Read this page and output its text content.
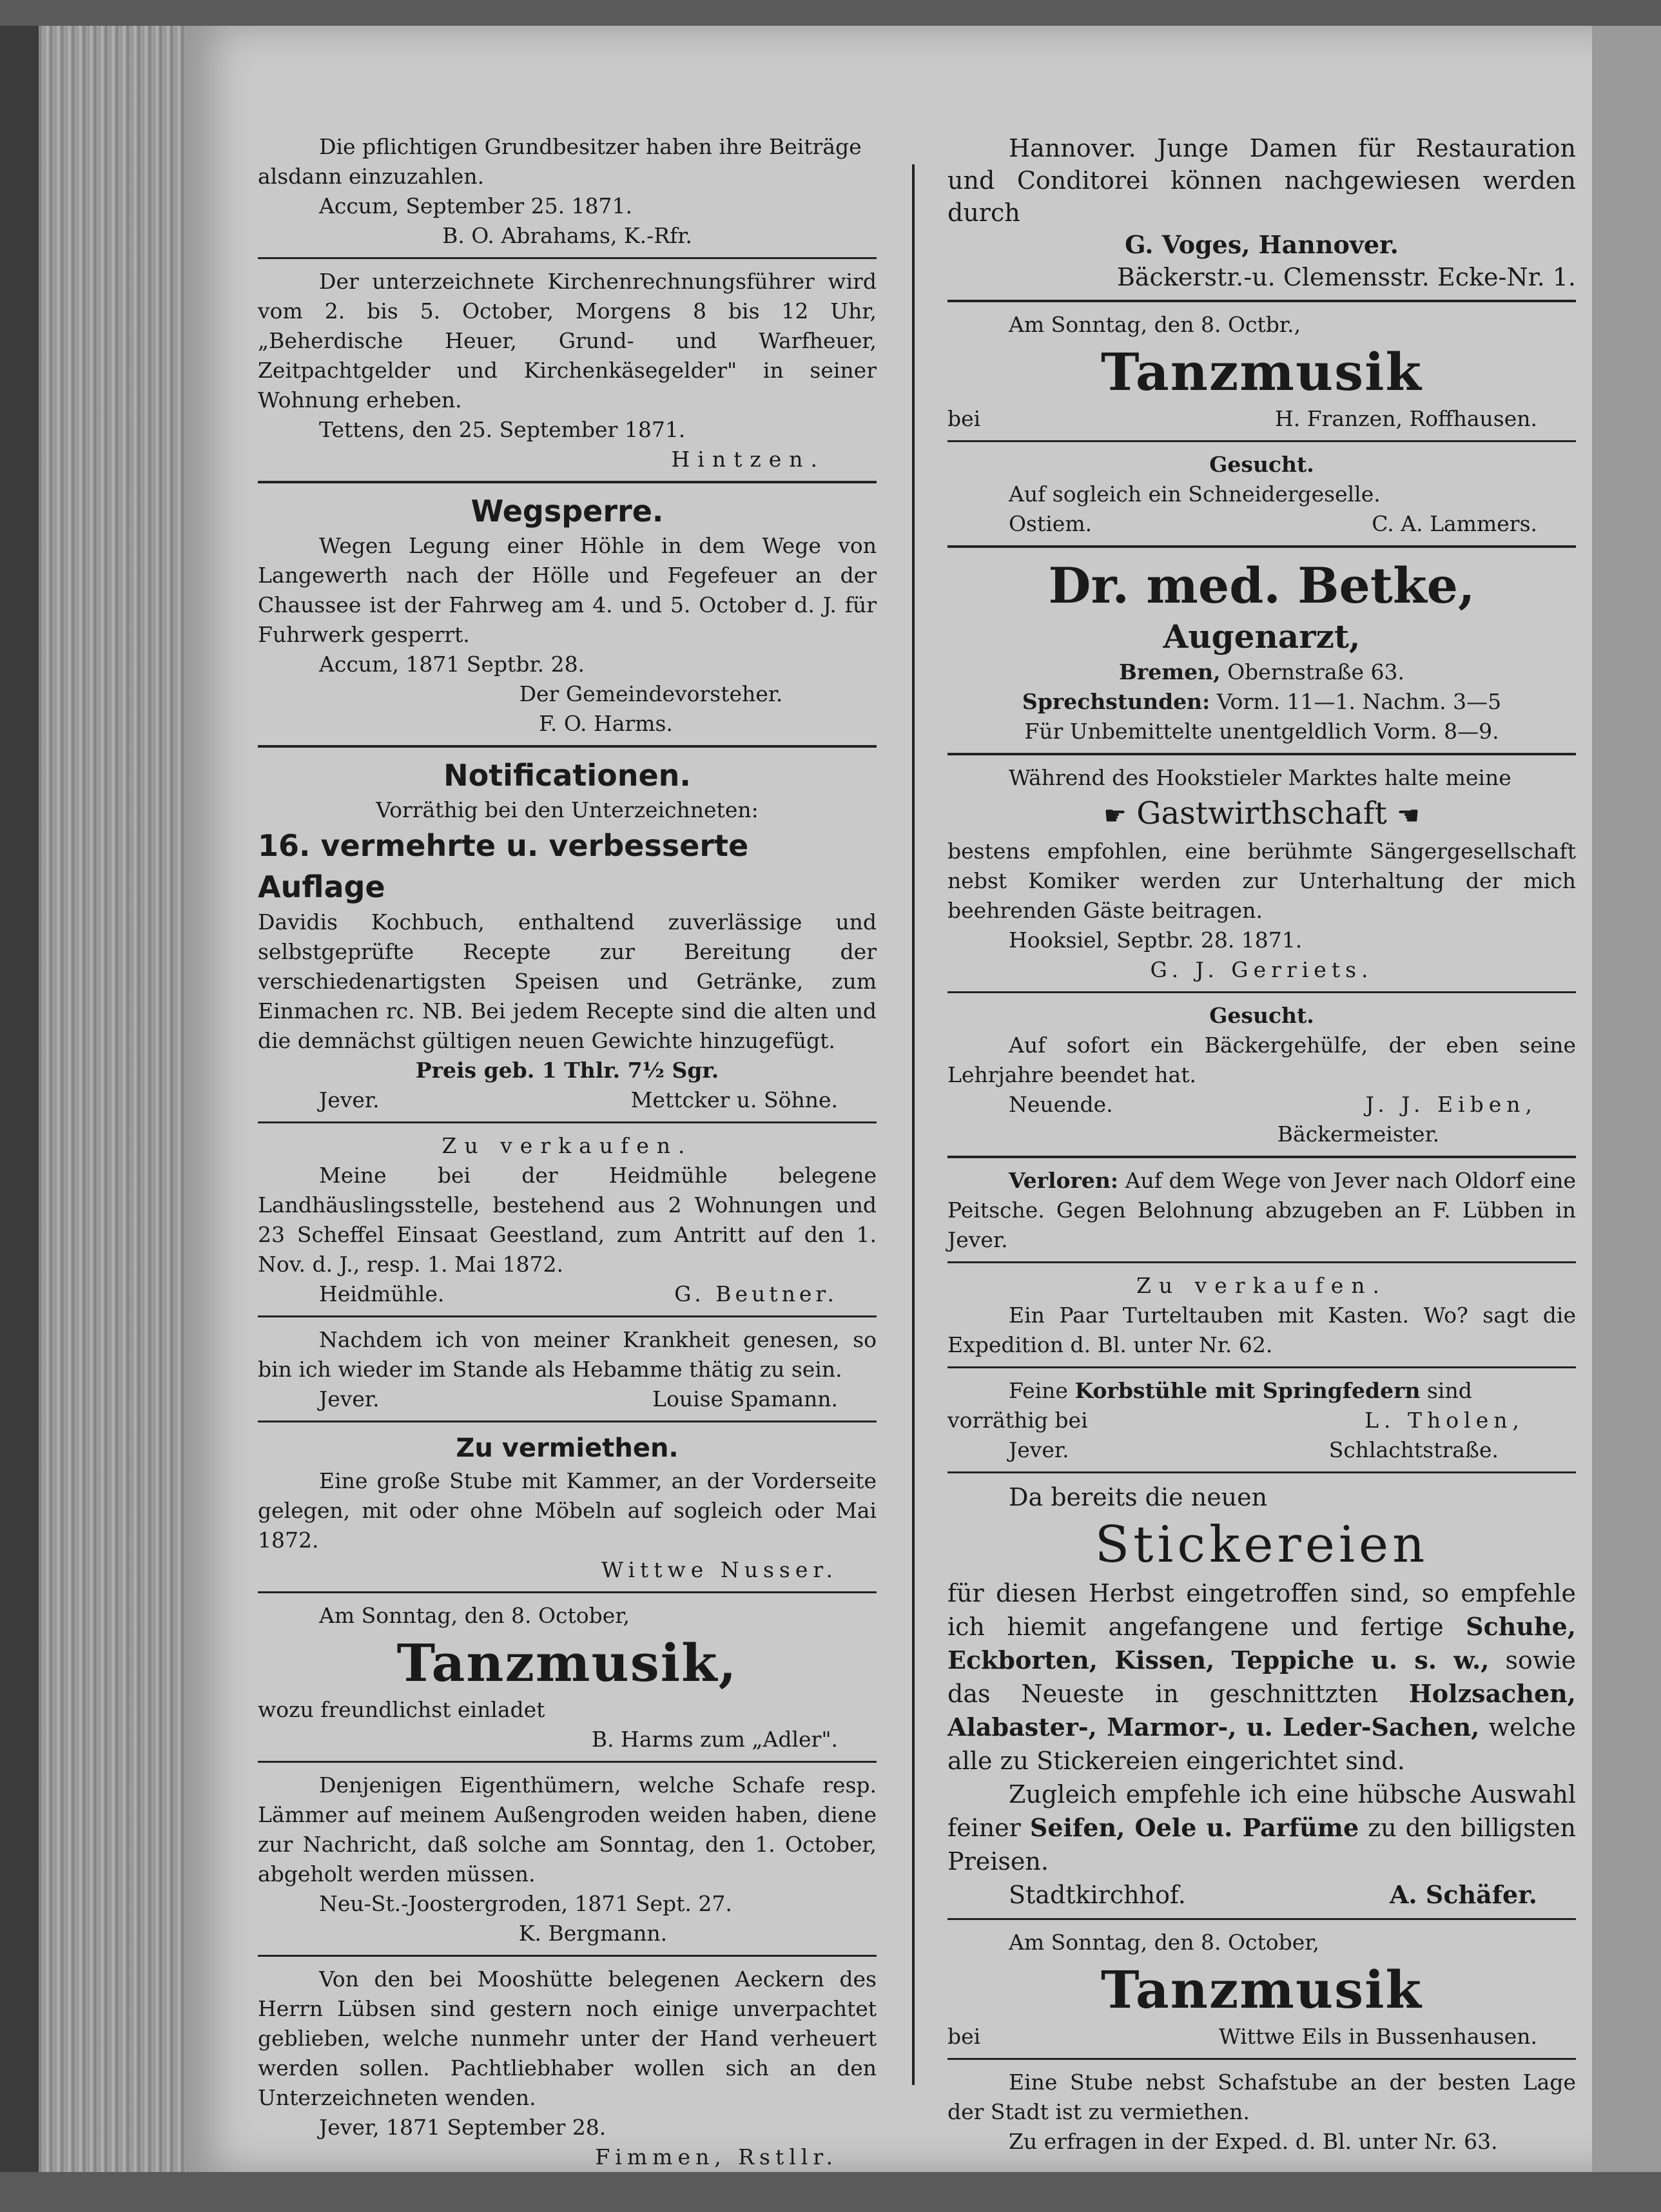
Die pflichtigen Grundbesitzer haben ihre Beiträge

alsdann einzuzahlen.

Accum, September 25. 1871.

B. O. Abrahams, K.-Rfr.

Der unterzeichnete Kirchenrechnungsführer wird vom 2. bis 5. October, Morgens 8 bis 12 Uhr, „Beherdische Heuer, Grund- und Warfheuer, Zeitpachtgelder und Kirchenkäsegelder" in seiner Wohnung erheben.

Tettens, den 25. September 1871.

Hintzen.

Wegsperre.

Wegen Legung einer Höhle in dem Wege von Langewerth nach der Hölle und Fegefeuer an der Chaussee ist der Fahrweg am 4. und 5. October d. J. für Fuhrwerk gesperrt.

Accum, 1871 Septbr. 28.

Der Gemeindevorsteher.

F. O. Harms.

Notificationen.

Vorräthig bei den Unterzeichneten:

16. vermehrte u. verbesserte Auflage

Davidis Kochbuch, enthaltend zuverlässige und selbstgeprüfte Recepte zur Bereitung der verschiedenartigsten Speisen und Getränke, zum Einmachen rc. NB. Bei jedem Recepte sind die alten und die demnächst gültigen neuen Gewichte hinzugefügt.

Preis geb. 1 Thlr. 7½ Sgr.

Jever.	Mettcker u. Söhne.

Zu verkaufen.

Meine bei der Heidmühle belegene Landhäuslingsstelle, bestehend aus 2 Wohnungen und 23 Scheffel Einsaat Geestland, zum Antritt auf den 1. Nov. d. J., resp. 1. Mai 1872.

Heidmühle.	G. Beutner.

Nachdem ich von meiner Krankheit genesen, so bin ich wieder im Stande als Hebamme thätig zu sein.

Jever.	Louise Spamann.

Zu vermiethen.

Eine große Stube mit Kammer, an der Vorderseite gelegen, mit oder ohne Möbeln auf sogleich oder Mai 1872.

Wittwe Nusser.

Am Sonntag, den 8. October,

Tanzmusik,

wozu freundlichst einladet

B. Harms zum „Adler".

Denjenigen Eigenthümern, welche Schafe resp. Lämmer auf meinem Außengroden weiden haben, diene zur Nachricht, daß solche am Sonntag, den 1. October, abgeholt werden müssen.

Neu-St.-Joostergroden, 1871 Sept. 27.

K. Bergmann.

Von den bei Mooshütte belegenen Aeckern des Herrn Lübsen sind gestern noch einige unverpachtet geblieben, welche nunmehr unter der Hand verheuert werden sollen. Pachtliebhaber wollen sich an den Unterzeichneten wenden.

Jever, 1871 September 28.

Fimmen, Rstllr.

Hannover. Junge Damen für Restauration und Conditorei können nachgewiesen werden durch

G. Voges, Hannover.

Bäckerstr.-u. Clemensstr. Ecke-Nr. 1.

Am Sonntag, den 8. Octbr.,

Tanzmusik

bei	H. Franzen, Roffhausen.

Gesucht.

Auf sogleich ein Schneidergeselle.

Ostiem.	C. A. Lammers.

Dr. med. Betke,

Augenarzt,

Bremen, Obernstraße 63.

Sprechstunden: Vorm. 11—1. Nachm. 3—5

Für Unbemittelte unentgeldlich Vorm. 8—9.

Während des Hookstieler Marktes halte meine

☛ Gastwirthschaft ☚

bestens empfohlen, eine berühmte Sängergesellschaft nebst Komiker werden zur Unterhaltung der mich beehrenden Gäste beitragen.

Hooksiel, Septbr. 28. 1871.

G. J. Gerriets.

Gesucht.

Auf sofort ein Bäckergehülfe, der eben seine Lehrjahre beendet hat.

Neuende.	J. J. Eiben,

Bäckermeister.

Verloren: Auf dem Wege von Jever nach Oldorf eine Peitsche. Gegen Belohnung abzugeben an F. Lübben in Jever.

Zu verkaufen.

Ein Paar Turteltauben mit Kasten. Wo? sagt die Expedition d. Bl. unter Nr. 62.

Feine Korbstühle mit Springfedern sind

vorräthig bei	L. Tholen,
Jever.	Schlachtstraße.

Da bereits die neuen

Stickereien

für diesen Herbst eingetroffen sind, so empfehle ich hiemit angefangene und fertige Schuhe, Eckborten, Kissen, Teppiche u. s. w., sowie das Neueste in geschnittzten Holzsachen, Alabaster-, Marmor-, u. Leder-Sachen, welche alle zu Stickereien eingerichtet sind.

Zugleich empfehle ich eine hübsche Auswahl feiner Seifen, Oele u. Parfüme zu den billigsten Preisen.

Stadtkirchhof.	A. Schäfer.

Am Sonntag, den 8. October,

Tanzmusik

bei	Wittwe Eils in Bussenhausen.

Eine Stube nebst Schafstube an der besten Lage der Stadt ist zu vermiethen.

Zu erfragen in der Exped. d. Bl. unter Nr. 63.
